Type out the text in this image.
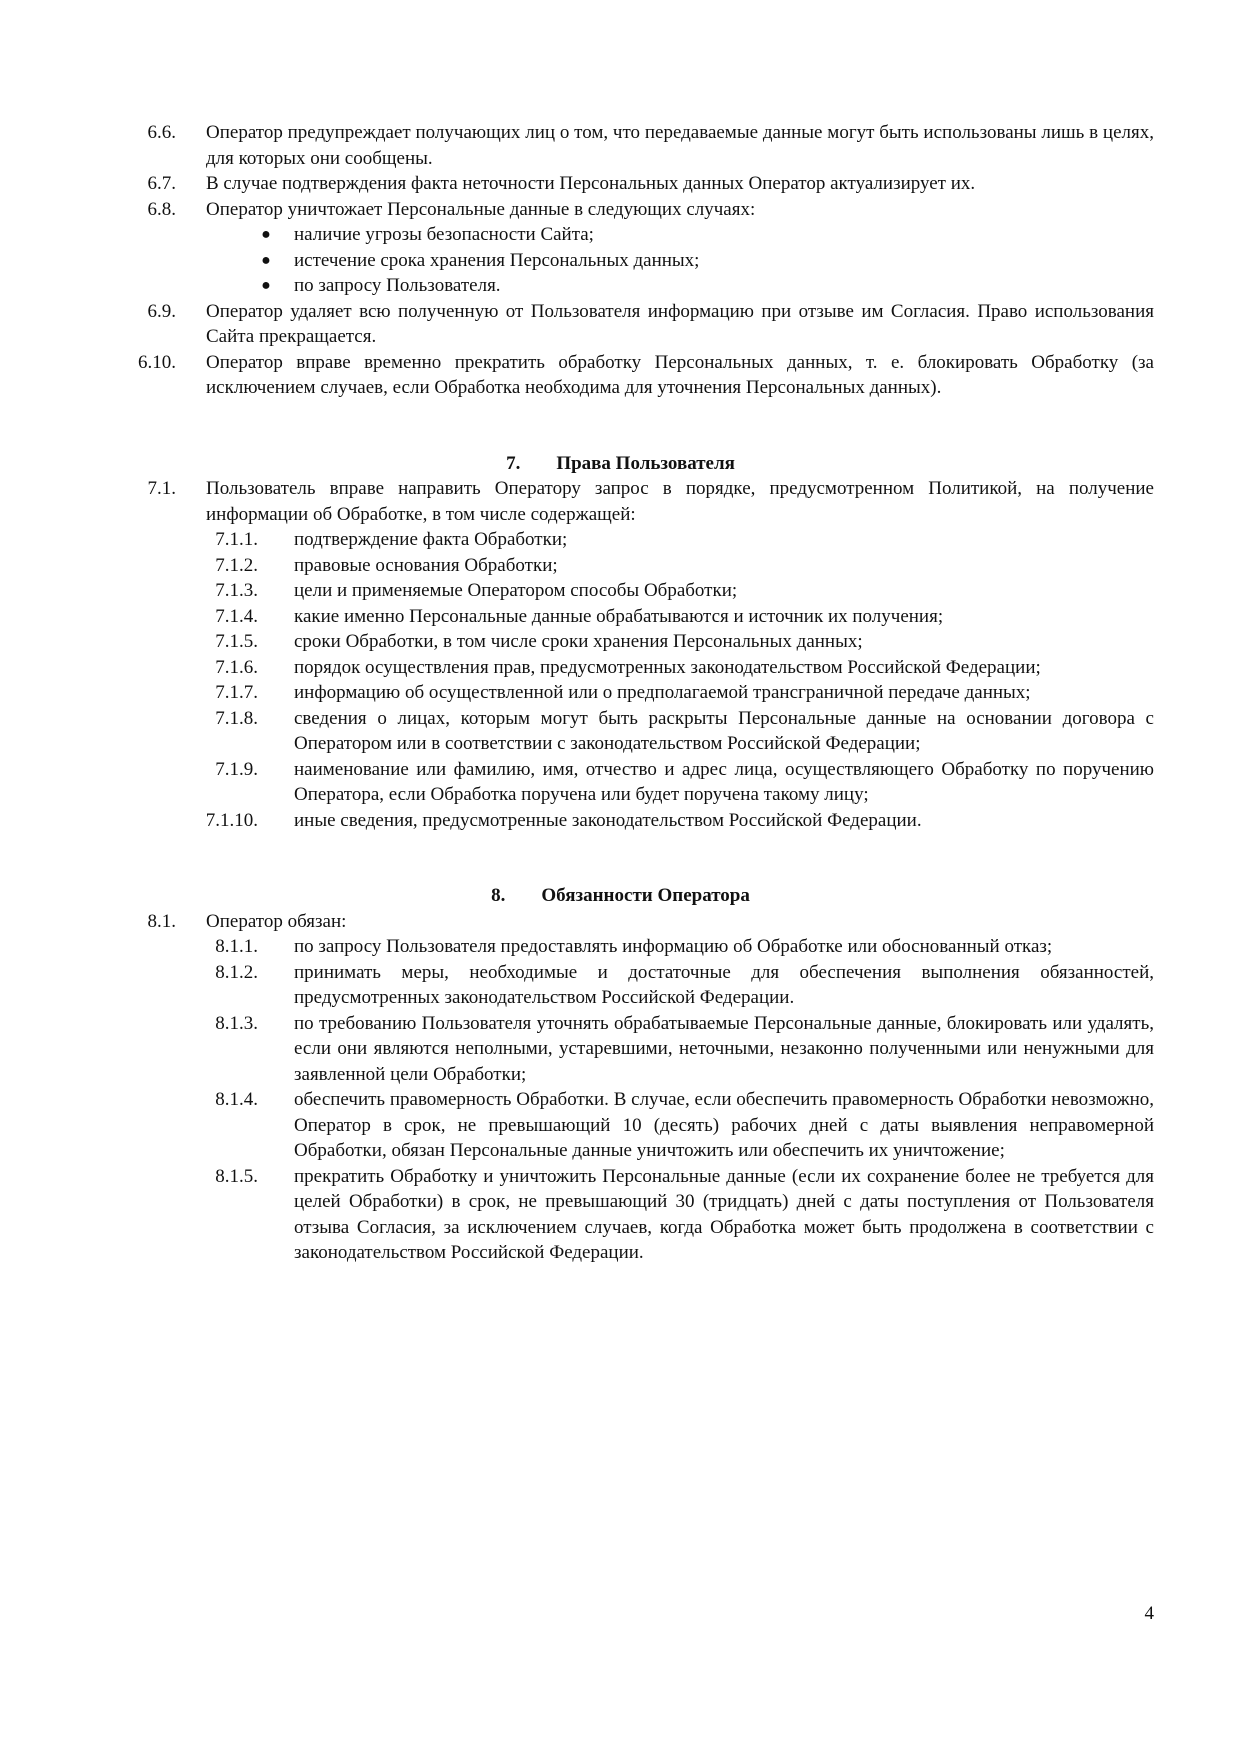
6.6. Оператор предупреждает получающих лиц о том, что передаваемые данные могут быть использованы лишь в целях, для которых они сообщены.
6.7. В случае подтверждения факта неточности Персональных данных Оператор актуализирует их.
6.8. Оператор уничтожает Персональные данные в следующих случаях:
● наличие угрозы безопасности Сайта;
● истечение срока хранения Персональных данных;
● по запросу Пользователя.
6.9. Оператор удаляет всю полученную от Пользователя информацию при отзыве им Согласия. Право использования Сайта прекращается.
6.10. Оператор вправе временно прекратить обработку Персональных данных, т. е. блокировать Обработку (за исключением случаев, если Обработка необходима для уточнения Персональных данных).
7. Права Пользователя
7.1. Пользователь вправе направить Оператору запрос в порядке, предусмотренном Политикой, на получение информации об Обработке, в том числе содержащей:
7.1.1. подтверждение факта Обработки;
7.1.2. правовые основания Обработки;
7.1.3. цели и применяемые Оператором способы Обработки;
7.1.4. какие именно Персональные данные обрабатываются и источник их получения;
7.1.5. сроки Обработки, в том числе сроки хранения Персональных данных;
7.1.6. порядок осуществления прав, предусмотренных законодательством Российской Федерации;
7.1.7. информацию об осуществленной или о предполагаемой трансграничной передаче данных;
7.1.8. сведения о лицах, которым могут быть раскрыты Персональные данные на основании договора с Оператором или в соответствии с законодательством Российской Федерации;
7.1.9. наименование или фамилию, имя, отчество и адрес лица, осуществляющего Обработку по поручению Оператора, если Обработка поручена или будет поручена такому лицу;
7.1.10. иные сведения, предусмотренные законодательством Российской Федерации.
8. Обязанности Оператора
8.1. Оператор обязан:
8.1.1. по запросу Пользователя предоставлять информацию об Обработке или обоснованный отказ;
8.1.2. принимать меры, необходимые и достаточные для обеспечения выполнения обязанностей, предусмотренных законодательством Российской Федерации.
8.1.3. по требованию Пользователя уточнять обрабатываемые Персональные данные, блокировать или удалять, если они являются неполными, устаревшими, неточными, незаконно полученными или ненужными для заявленной цели Обработки;
8.1.4. обеспечить правомерность Обработки. В случае, если обеспечить правомерность Обработки невозможно, Оператор в срок, не превышающий 10 (десять) рабочих дней с даты выявления неправомерной Обработки, обязан Персональные данные уничтожить или обеспечить их уничтожение;
8.1.5. прекратить Обработку и уничтожить Персональные данные (если их сохранение более не требуется для целей Обработки) в срок, не превышающий 30 (тридцать) дней с даты поступления от Пользователя отзыва Согласия, за исключением случаев, когда Обработка может быть продолжена в соответствии с законодательством Российской Федерации.
4
